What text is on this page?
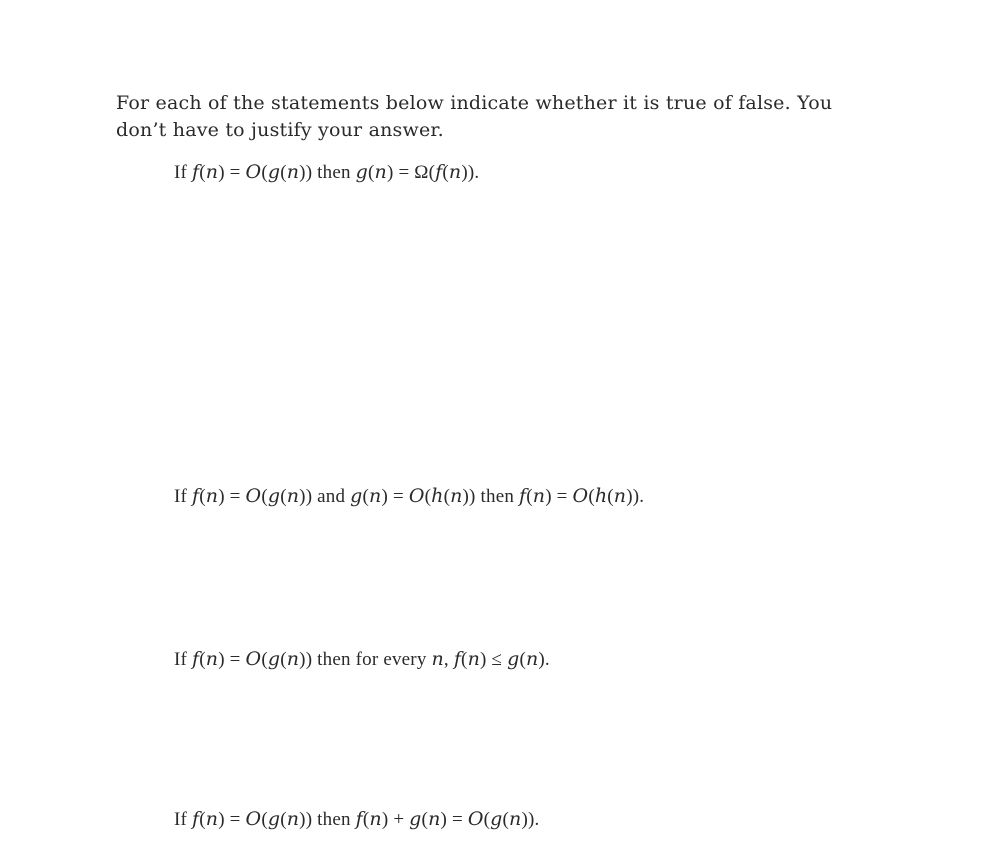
For each of the statements below indicate whether it is true of false. You
don’t have to justify your answer.
If 𝑓(𝑛) = 𝑂(𝑔(𝑛)) then 𝑔(𝑛) = Ω(𝑓(𝑛)).
If 𝑓(𝑛) = 𝑂(𝑔(𝑛)) and 𝑔(𝑛) = 𝑂(ℎ(𝑛)) then 𝑓(𝑛) = 𝑂(ℎ(𝑛)).
If 𝑓(𝑛) = 𝑂(𝑔(𝑛)) then for every 𝑛, 𝑓(𝑛) ≤ 𝑔(𝑛).
If 𝑓(𝑛) = 𝑂(𝑔(𝑛)) then 𝑓(𝑛) + 𝑔(𝑛) = 𝑂(𝑔(𝑛)).
